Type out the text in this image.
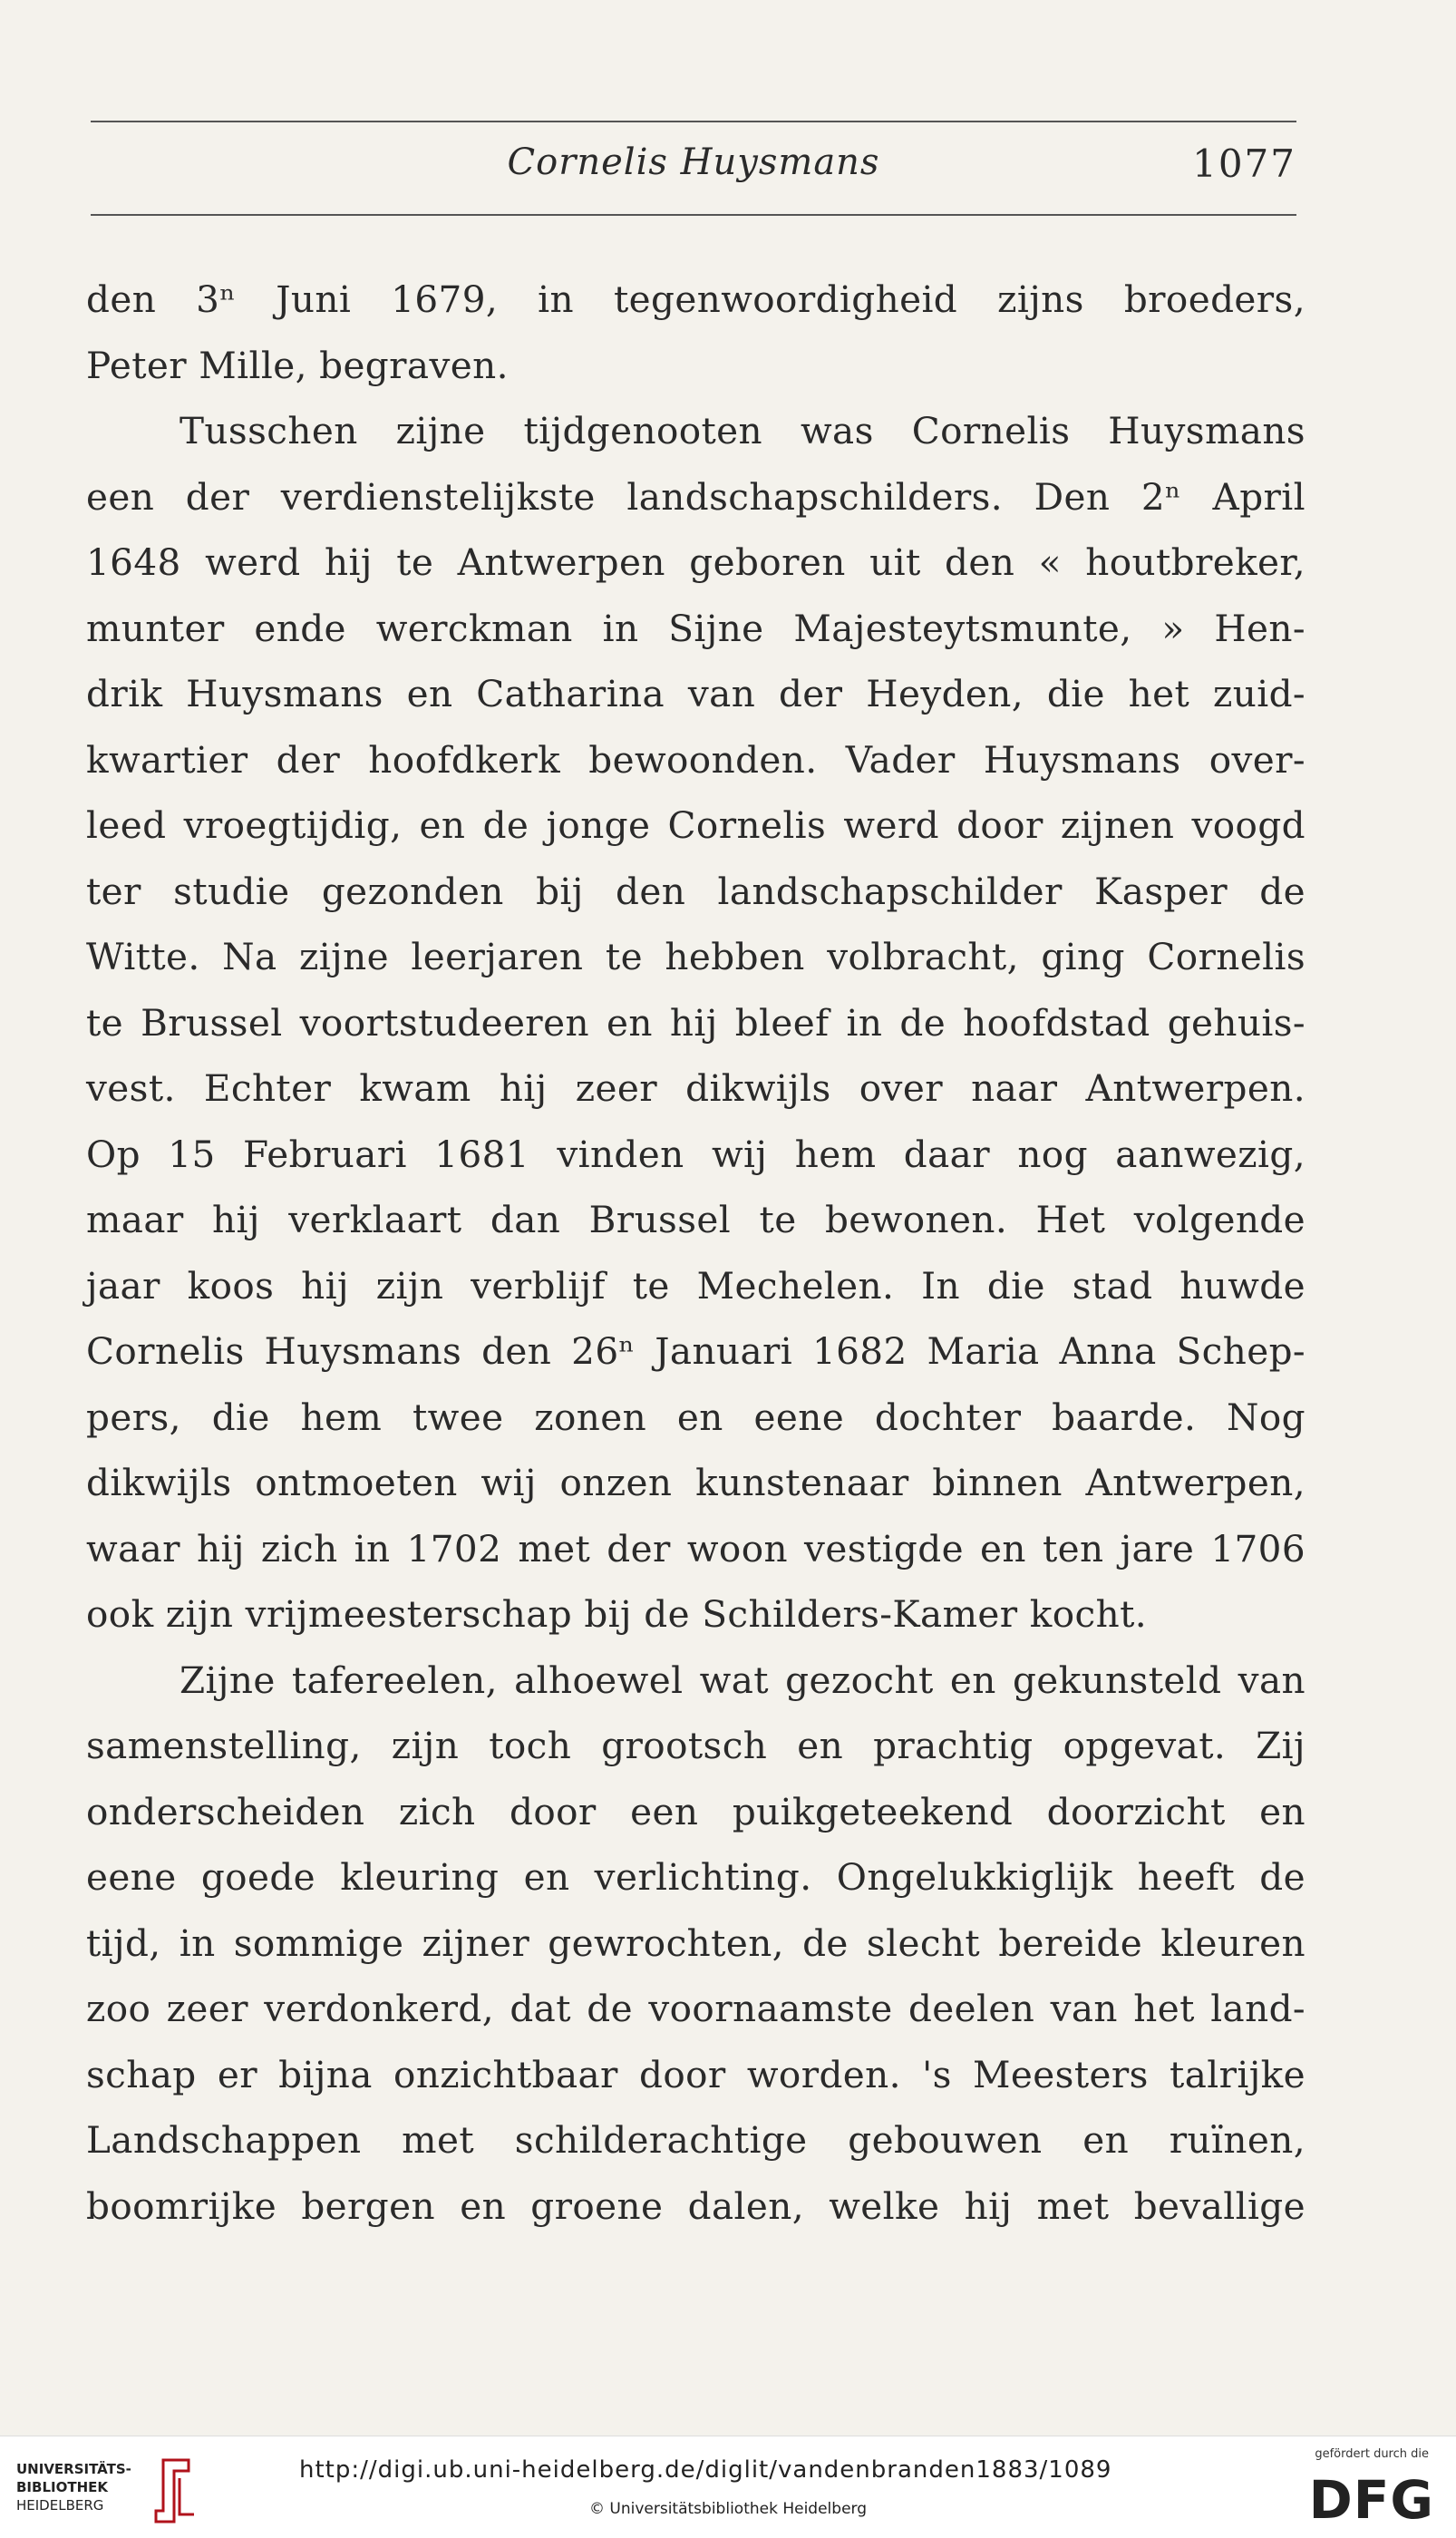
Cornelis Huysmans	1077
den 3ⁿ Juni 1679, in tegenwoordigheid zijns broeders,
Peter Mille, begraven.
Tusschen zijne tijdgenooten was Cornelis Huysmans
een der verdienstelijkste landschapschilders. Den 2ⁿ April
1648 werd hij te Antwerpen geboren uit den « houtbreker,
munter ende werckman in Sijne Majesteytsmunte, » Hen-
drik Huysmans en Catharina van der Heyden, die het zuid-
kwartier der hoofdkerk bewoonden. Vader Huysmans over-
leed vroegtijdig, en de jonge Cornelis werd door zijnen voogd
ter studie gezonden bij den landschapschilder Kasper de
Witte. Na zijne leerjaren te hebben volbracht, ging Cornelis
te Brussel voortstudeeren en hij bleef in de hoofdstad gehuis-
vest. Echter kwam hij zeer dikwijls over naar Antwerpen.
Op 15 Februari 1681 vinden wij hem daar nog aanwezig,
maar hij verklaart dan Brussel te bewonen. Het volgende
jaar koos hij zijn verblijf te Mechelen. In die stad huwde
Cornelis Huysmans den 26ⁿ Januari 1682 Maria Anna Schep-
pers, die hem twee zonen en eene dochter baarde. Nog
dikwijls ontmoeten wij onzen kunstenaar binnen Antwerpen,
waar hij zich in 1702 met der woon vestigde en ten jare 1706
ook zijn vrijmeesterschap bij de Schilders-Kamer kocht.
Zijne tafereelen, alhoewel wat gezocht en gekunsteld van
samenstelling, zijn toch grootsch en prachtig opgevat. Zij
onderscheiden zich door een puikgeteekend doorzicht en
eene goede kleuring en verlichting. Ongelukkiglijk heeft de
tijd, in sommige zijner gewrochten, de slecht bereide kleuren
zoo zeer verdonkerd, dat de voornaamste deelen van het land-
schap er bijna onzichtbaar door worden. 's Meesters talrijke
Landschappen met schilderachtige gebouwen en ruïnen,
boomrijke bergen en groene dalen, welke hij met bevallige
UNIVERSITÄTS-
BIBLIOTHEK
HEIDELBERG
http://digi.ub.uni-heidelberg.de/diglit/vandenbranden1883/1089
© Universitätsbibliothek Heidelberg
gefördert durch die
DFG
